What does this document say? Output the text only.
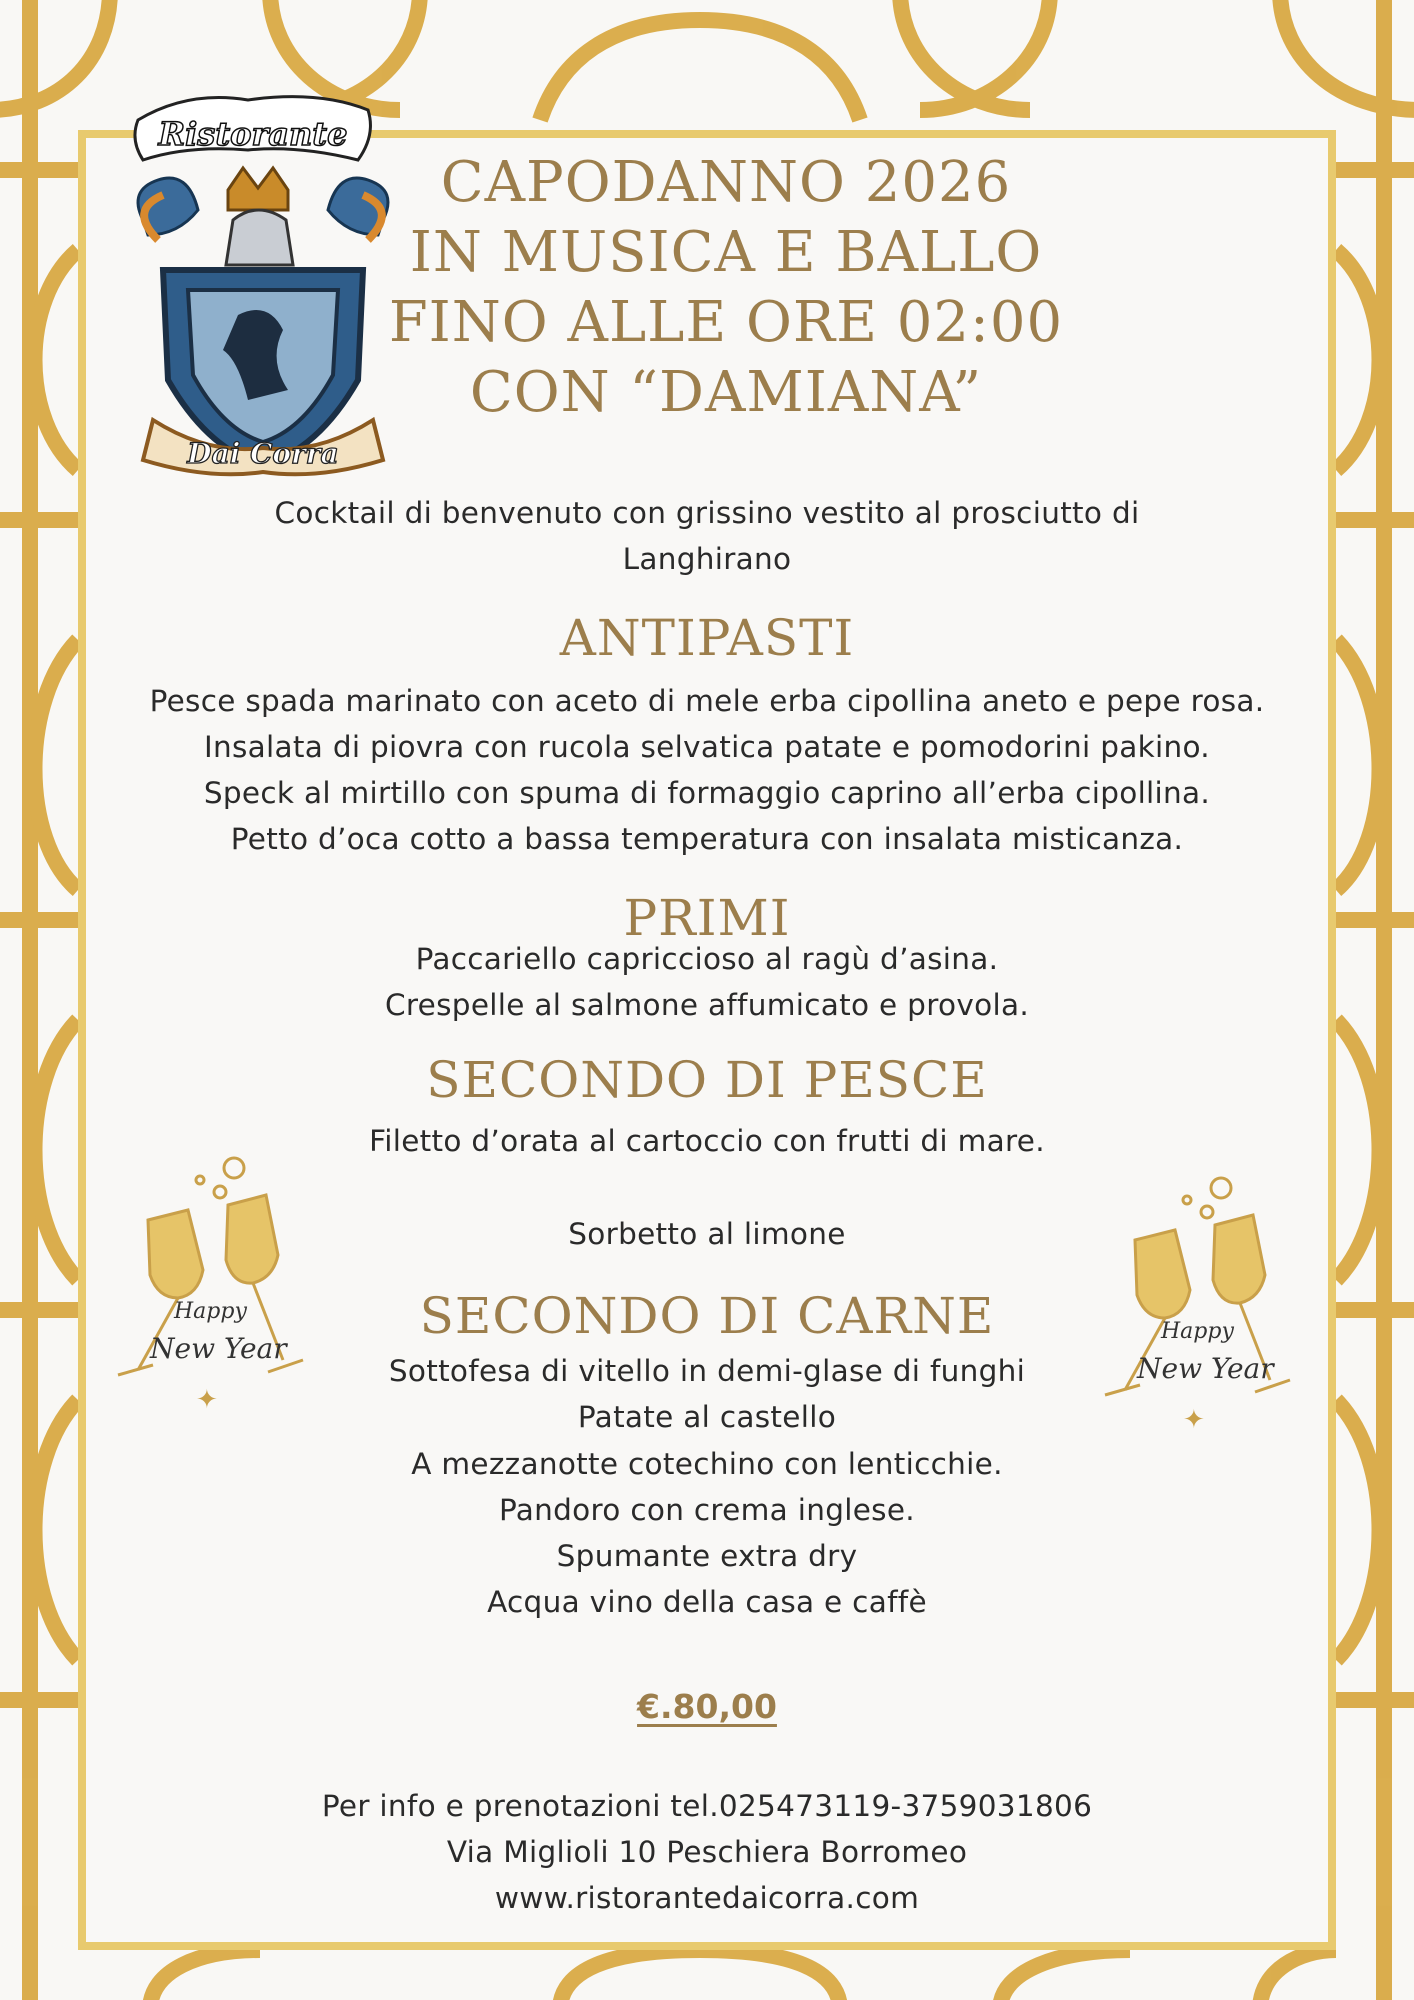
CAPODANNO 2026
IN MUSICA E BALLO
FINO ALLE ORE 02:00
CON “DAMIANA”
Cocktail di benvenuto con grissino vestito al prosciutto di
Langhirano
ANTIPASTI
Pesce spada marinato con aceto di mele erba cipollina aneto e pepe rosa.
Insalata di piovra con rucola selvatica patate e pomodorini pakino.
Speck al mirtillo con spuma di formaggio caprino all’erba cipollina.
Petto d’oca cotto a bassa temperatura con insalata misticanza.
PRIMI
Paccariello capriccioso al ragù d’asina.
Crespelle al salmone affumicato e provola.
SECONDO DI PESCE
Filetto d’orata al cartoccio con frutti di mare.
Sorbetto al limone
SECONDO DI CARNE
Sottofesa di vitello in demi-glase di funghi
Patate al castello
A mezzanotte cotechino con lenticchie.
Pandoro con crema inglese.
Spumante extra dry
Acqua vino della casa e caffè
€.80,00
Per info e prenotazioni tel.025473119-3759031806
Via Miglioli 10 Peschiera Borromeo
www.ristorantedaicorra.com
Ristorante
Dai Corra
Happy
New Year
✦
Happy
New Year
✦
